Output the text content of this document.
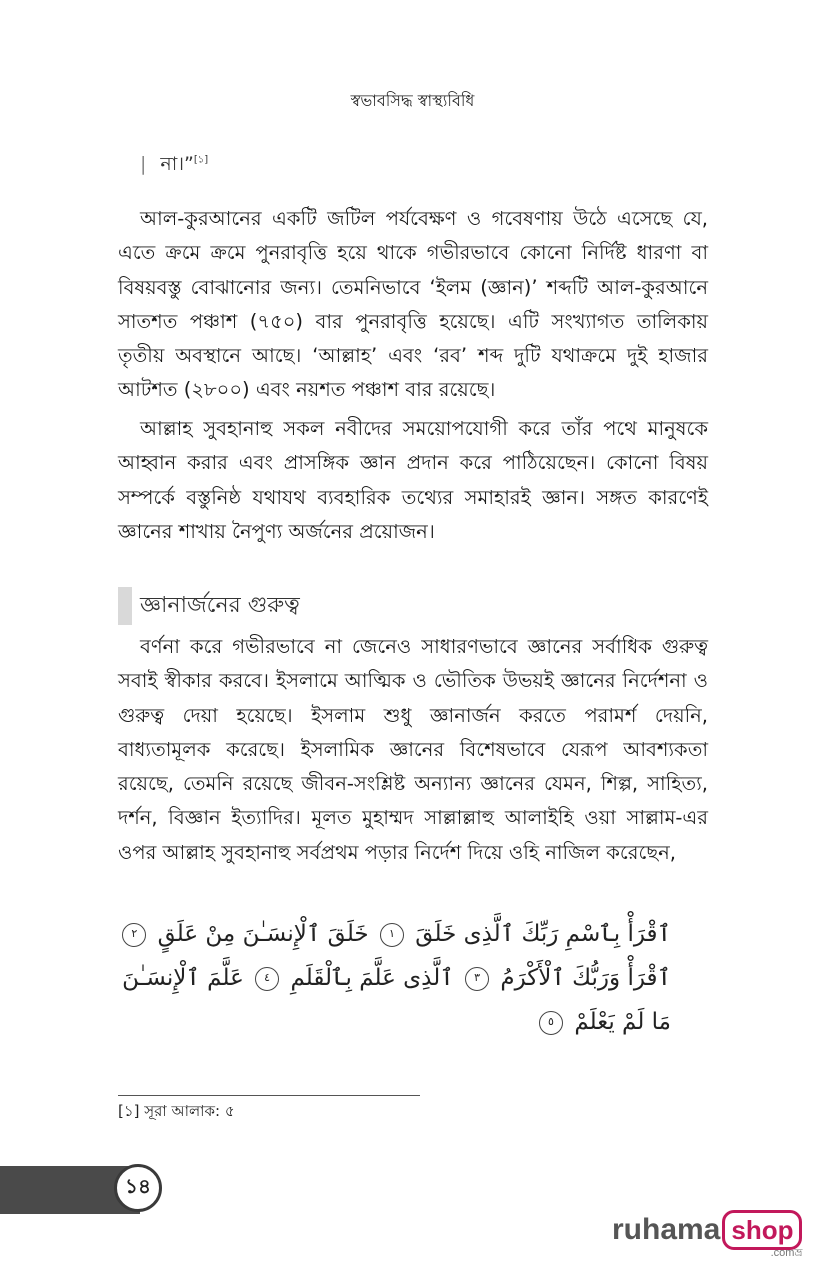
স্বভাবসিদ্ধ স্বাস্থ্যবিধি
| না।”[১]

আল-কুরআনের একটি জটিল পর্যবেক্ষণ ও গবেষণায় উঠে এসেছে যে, এতে ক্রমে ক্রমে পুনরাবৃত্তি হয়ে থাকে গভীরভাবে কোনো নির্দিষ্ট ধারণা বা বিষয়বস্তু বোঝানোর জন্য। তেমনিভাবে ‘ইলম (জ্ঞান)’ শব্দটি আল-কুরআনে সাতশত পঞ্চাশ (৭৫০) বার পুনরাবৃত্তি হয়েছে। এটি সংখ্যাগত তালিকায় তৃতীয় অবস্থানে আছে। ‘আল্লাহ’ এবং ‘রব’ শব্দ দুটি যথাক্রমে দুই হাজার আটশত (২৮০০) এবং নয়শত পঞ্চাশ বার রয়েছে।

আল্লাহ সুবহানাহু সকল নবীদের সময়োপযোগী করে তাঁর পথে মানুষকে আহ্বান করার এবং প্রাসঙ্গিক জ্ঞান প্রদান করে পাঠিয়েছেন। কোনো বিষয় সম্পর্কে বস্তুনিষ্ঠ যথাযথ ব্যবহারিক তথ্যের সমাহারই জ্ঞান। সঙ্গত কারণেই জ্ঞানের শাখায় নৈপুণ্য অর্জনের প্রয়োজন।

জ্ঞানার্জনের গুরুত্ব

বর্ণনা করে গভীরভাবে না জেনেও সাধারণভাবে জ্ঞানের সর্বাধিক গুরুত্ব সবাই স্বীকার করবে। ইসলামে আত্মিক ও ভৌতিক উভয়ই জ্ঞানের নির্দেশনা ও গুরুত্ব দেয়া হয়েছে। ইসলাম শুধু জ্ঞানার্জন করতে পরামর্শ দেয়নি, বাধ্যতামূলক করেছে। ইসলামিক জ্ঞানের বিশেষভাবে যেরূপ আবশ্যকতা রয়েছে, তেমনি রয়েছে জীবন-সংশ্লিষ্ট অন্যান্য জ্ঞানের যেমন, শিল্প, সাহিত্য, দর্শন, বিজ্ঞান ইত্যাদির। মূলত মুহাম্মদ সাল্লাল্লাহু আলাইহি ওয়া সাল্লাম-এর ওপর আল্লাহ সুবহানাহু সর্বপ্রথম পড়ার নির্দেশ দিয়ে ওহি নাজিল করেছেন,

ٱقْرَأْ بِٱسْمِ رَبِّكَ ٱلَّذِى خَلَقَ ١ خَلَقَ ٱلْإِنسَـٰنَ مِنْ عَلَقٍ ٢ ٱقْرَأْ وَرَبُّكَ ٱلْأَكْرَمُ ٣ ٱلَّذِى عَلَّمَ بِٱلْقَلَمِ ٤ عَلَّمَ ٱلْإِنسَـٰنَ مَا لَمْ يَعْلَمْ ٥

[১] সূরা আলাক: ৫
১৪
ruhama shop
.comভ্র
